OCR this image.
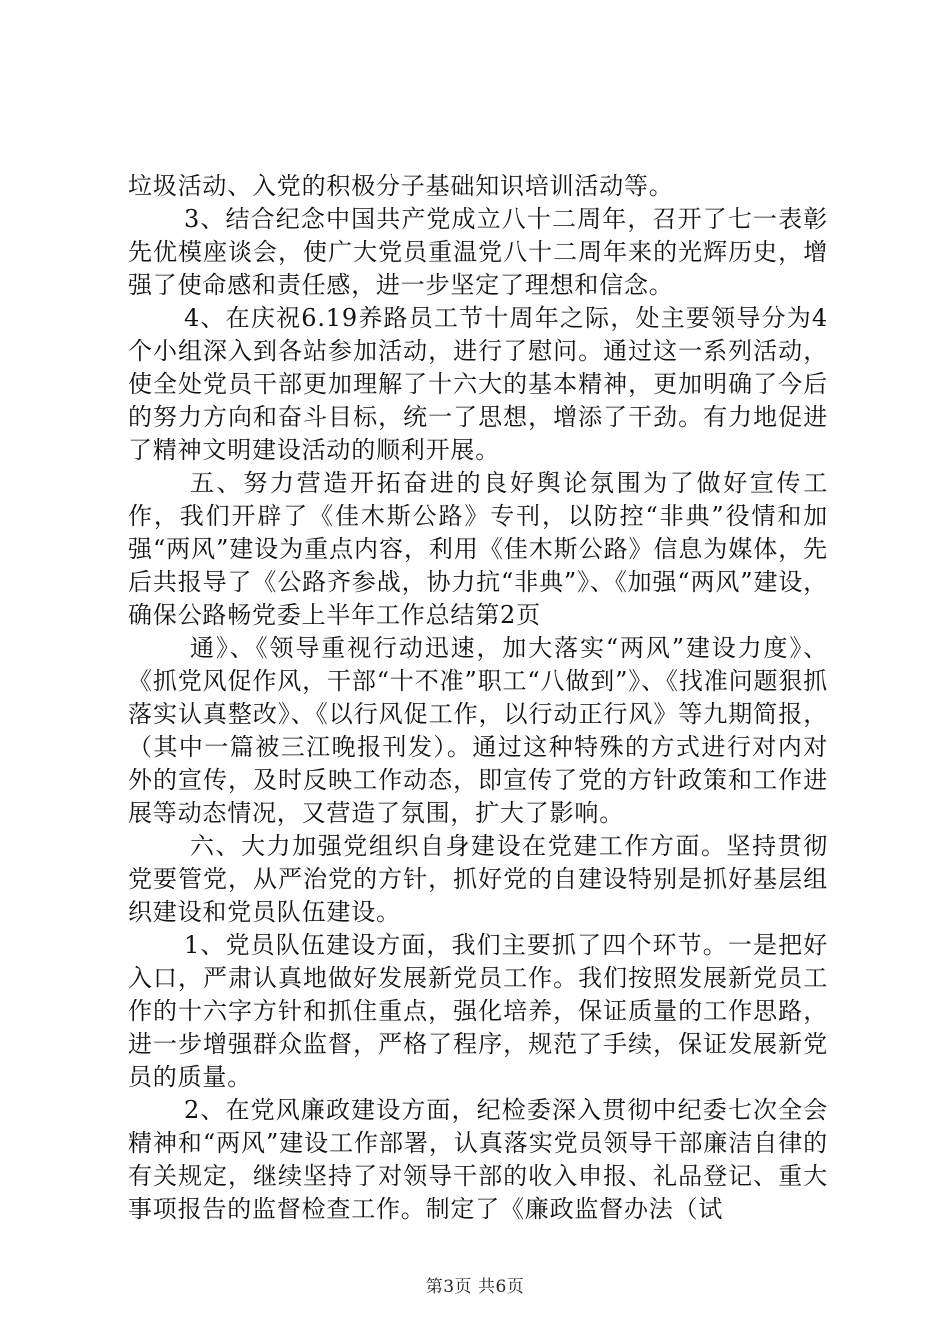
垃圾活动、入党的积极分子基础知识培训活动等。

3、结合纪念中国共产党成立八十二周年，召开了七一表彰先优模座谈会，使广大党员重温党八十二周年来的光辉历史，增强了使命感和责任感，进一步坚定了理想和信念。

4、在庆祝6.19养路员工节十周年之际，处主要领导分为4个小组深入到各站参加活动，进行了慰问。通过这一系列活动，使全处党员干部更加理解了十六大的基本精神，更加明确了今后的努力方向和奋斗目标，统一了思想，增添了干劲。有力地促进了精神文明建设活动的顺利开展。

五、努力营造开拓奋进的良好舆论氛围为了做好宣传工作，我们开辟了《佳木斯公路》专刊，以防控“非典”役情和加强“两风”建设为重点内容，利用《佳木斯公路》信息为媒体，先后共报导了《公路齐参战，协力抗“非典”》、《加强“两风”建设，确保公路畅党委上半年工作总结第2页

通》、《领导重视行动迅速，加大落实“两风”建设力度》、《抓党风促作风，干部“十不准”职工“八做到”》、《找准问题狠抓落实认真整改》、《以行风促工作，以行动正行风》等九期简报，（其中一篇被三江晚报刊发）。通过这种特殊的方式进行对内对外的宣传，及时反映工作动态，即宣传了党的方针政策和工作进展等动态情况，又营造了氛围，扩大了影响。

六、大力加强党组织自身建设在党建工作方面。坚持贯彻党要管党，从严治党的方针，抓好党的自建设特别是抓好基层组织建设和党员队伍建设。

1、党员队伍建设方面，我们主要抓了四个环节。一是把好入口，严肃认真地做好发展新党员工作。我们按照发展新党员工作的十六字方针和抓住重点，强化培养，保证质量的工作思路，进一步增强群众监督，严格了程序，规范了手续，保证发展新党员的质量。

2、在党风廉政建设方面，纪检委深入贯彻中纪委七次全会精神和“两风”建设工作部署，认真落实党员领导干部廉洁自律的有关规定，继续坚持了对领导干部的收入申报、礼品登记、重大事项报告的监督检查工作。制定了《廉政监督办法（试

第3页 共6页
